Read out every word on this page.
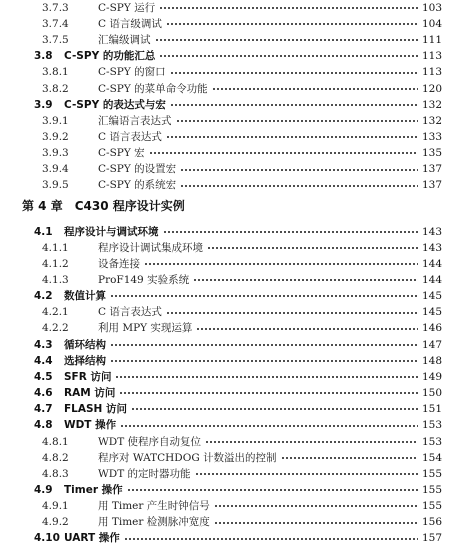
3.7.3	C-SPY 运行	103
3.7.4	C 语言级调试	104
3.7.5	汇编级调试	111
3.8	C-SPY 的功能汇总	113
3.8.1	C-SPY 的窗口	113
3.8.2	C-SPY 的菜单命令功能	120
3.9	C-SPY 的表达式与宏	132
3.9.1	汇编语言表达式	132
3.9.2	C 语言表达式	133
3.9.3	C-SPY 宏	135
3.9.4	C-SPY 的设置宏	137
3.9.5	C-SPY 的系统宏	137
第 4 章 C430 程序设计实例
4.1	程序设计与调试环境	143
4.1.1	程序设计调试集成环境	143
4.1.2	设备连接	144
4.1.3	ProF149 实验系统	144
4.2	数值计算	145
4.2.1	C 语言表达式	145
4.2.2	利用 MPY 实现运算	146
4.3	循环结构	147
4.4	选择结构	148
4.5	SFR 访问	149
4.6	RAM 访问	150
4.7	FLASH 访问	151
4.8	WDT 操作	153
4.8.1	WDT 使程序自动复位	153
4.8.2	程序对 WATCHDOG 计数溢出的控制	154
4.8.3	WDT 的定时器功能	155
4.9	Timer 操作	155
4.9.1	用 Timer 产生时钟信号	155
4.9.2	用 Timer 检测脉冲宽度	156
4.10 UART 操作	157
